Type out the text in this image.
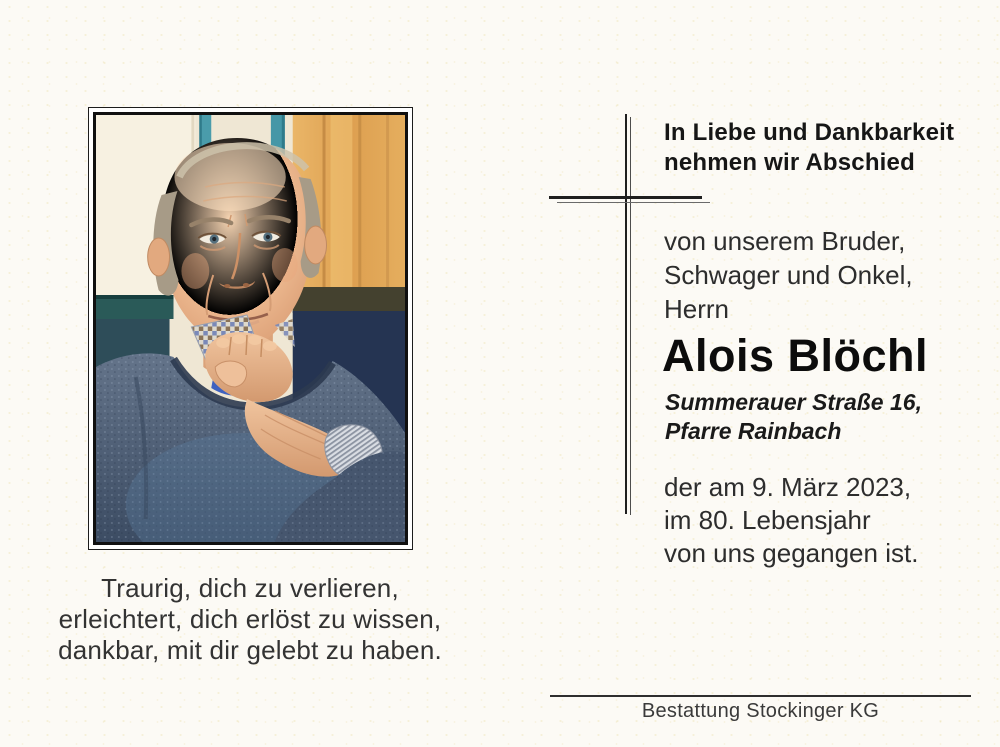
Traurig, dich zu verlieren,
erleichtert, dich erlöst zu wissen,
dankbar, mit dir gelebt zu haben.
In Liebe und Dankbarkeit
nehmen wir Abschied
von unserem Bruder,
Schwager und Onkel,
Herrn
Alois Blöchl
Summerauer Straße 16,
Pfarre Rainbach
der am 9. März 2023,
im 80. Lebensjahr
von uns gegangen ist.
Bestattung Stockinger KG
